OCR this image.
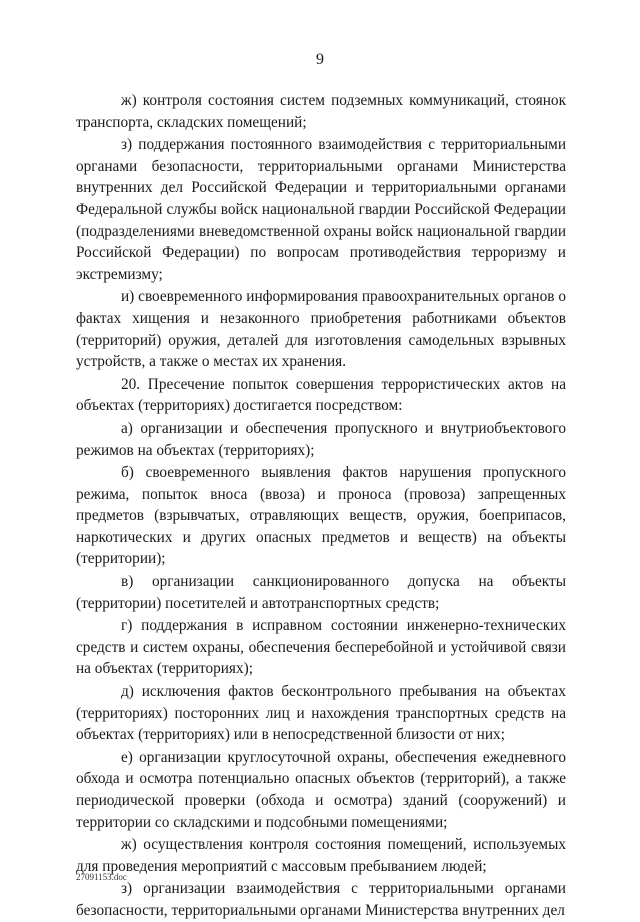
9

ж) контроля состояния систем подземных коммуникаций, стоянок транспорта, складских помещений;

з) поддержания постоянного взаимодействия с территориальными органами безопасности, территориальными органами Министерства внутренних дел Российской Федерации и территориальными органами Федеральной службы войск национальной гвардии Российской Федерации (подразделениями вневедомственной охраны войск национальной гвардии Российской Федерации) по вопросам противодействия терроризму и экстремизму;

и) своевременного информирования правоохранительных органов о фактах хищения и незаконного приобретения работниками объектов (территорий) оружия, деталей для изготовления самодельных взрывных устройств, а также о местах их хранения.

20. Пресечение попыток совершения террористических актов на объектах (территориях) достигается посредством:

а) организации и обеспечения пропускного и внутриобъектового режимов на объектах (территориях);

б) своевременного выявления фактов нарушения пропускного режима, попыток вноса (ввоза) и проноса (провоза) запрещенных предметов (взрывчатых, отравляющих веществ, оружия, боеприпасов, наркотических и других опасных предметов и веществ) на объекты (территории);

в) организации санкционированного допуска на объекты (территории) посетителей и автотранспортных средств;

г) поддержания в исправном состоянии инженерно-технических средств и систем охраны, обеспечения бесперебойной и устойчивой связи на объектах (территориях);

д) исключения фактов бесконтрольного пребывания на объектах (территориях) посторонних лиц и нахождения транспортных средств на объектах (территориях) или в непосредственной близости от них;

е) организации круглосуточной охраны, обеспечения ежедневного обхода и осмотра потенциально опасных объектов (территорий), а также периодической проверки (обхода и осмотра) зданий (сооружений) и территории со складскими и подсобными помещениями;

ж) осуществления контроля состояния помещений, используемых для проведения мероприятий с массовым пребыванием людей;

з) организации взаимодействия с территориальными органами безопасности, территориальными органами Министерства внутренних дел

27091153.doc
